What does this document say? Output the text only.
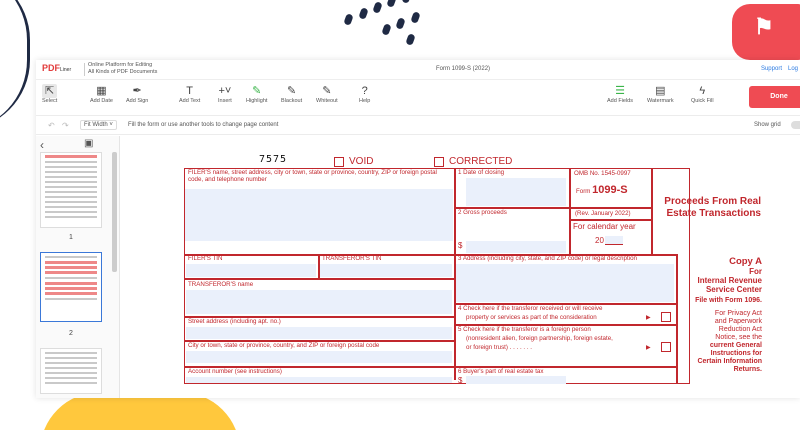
⚑
PDFLiner
Online Platform for Editing
All Kinds of PDF Documents	Form 1099-S (2022)	Support Log
⇱
Select
▦
Add Date
✒
Add Sign
T
Add Text
+˅
Insert
✎
Highlight
✎
Blackout
✎
Whiteout
?
Help
☰
Add Fields
▤
Watermark
ϟ
Quick Fill
Done
↶ ↷	Fit Width ˅	Fill the form or use another tools to change page content	Show grid
‹	▣
1
2
7575	VOID	CORRECTED
FILER'S name, street address, city or town, state or province, country, ZIP or foreign postal code, and telephone number
1 Date of closing	OMB No. 1545-0997
Form 1099-S
(Rev. January 2022)
For calendar year
20
Proceeds From Real
Estate Transactions
2 Gross proceeds
$
FILER'S TIN	TRANSFEROR'S TIN	3 Address (including city, state, and ZIP code) or legal description
TRANSFEROR'S name
4 Check here if the transferor received or will receive
property or services as part of the consideration	▶
Street address (including apt. no.)
5 Check here if the transferor is a foreign person
(nonresident alien, foreign partnership, foreign estate,
or foreign trust) . . . . . . .	▶
City or town, state or province, country, and ZIP or foreign postal code
Account number (see instructions)	6 Buyer's part of real estate tax
$
Copy A
For
Internal Revenue
Service Center
File with Form 1096.
For Privacy Act
and Paperwork
Reduction Act
Notice, see the
current General
Instructions for
Certain Information
Returns.
